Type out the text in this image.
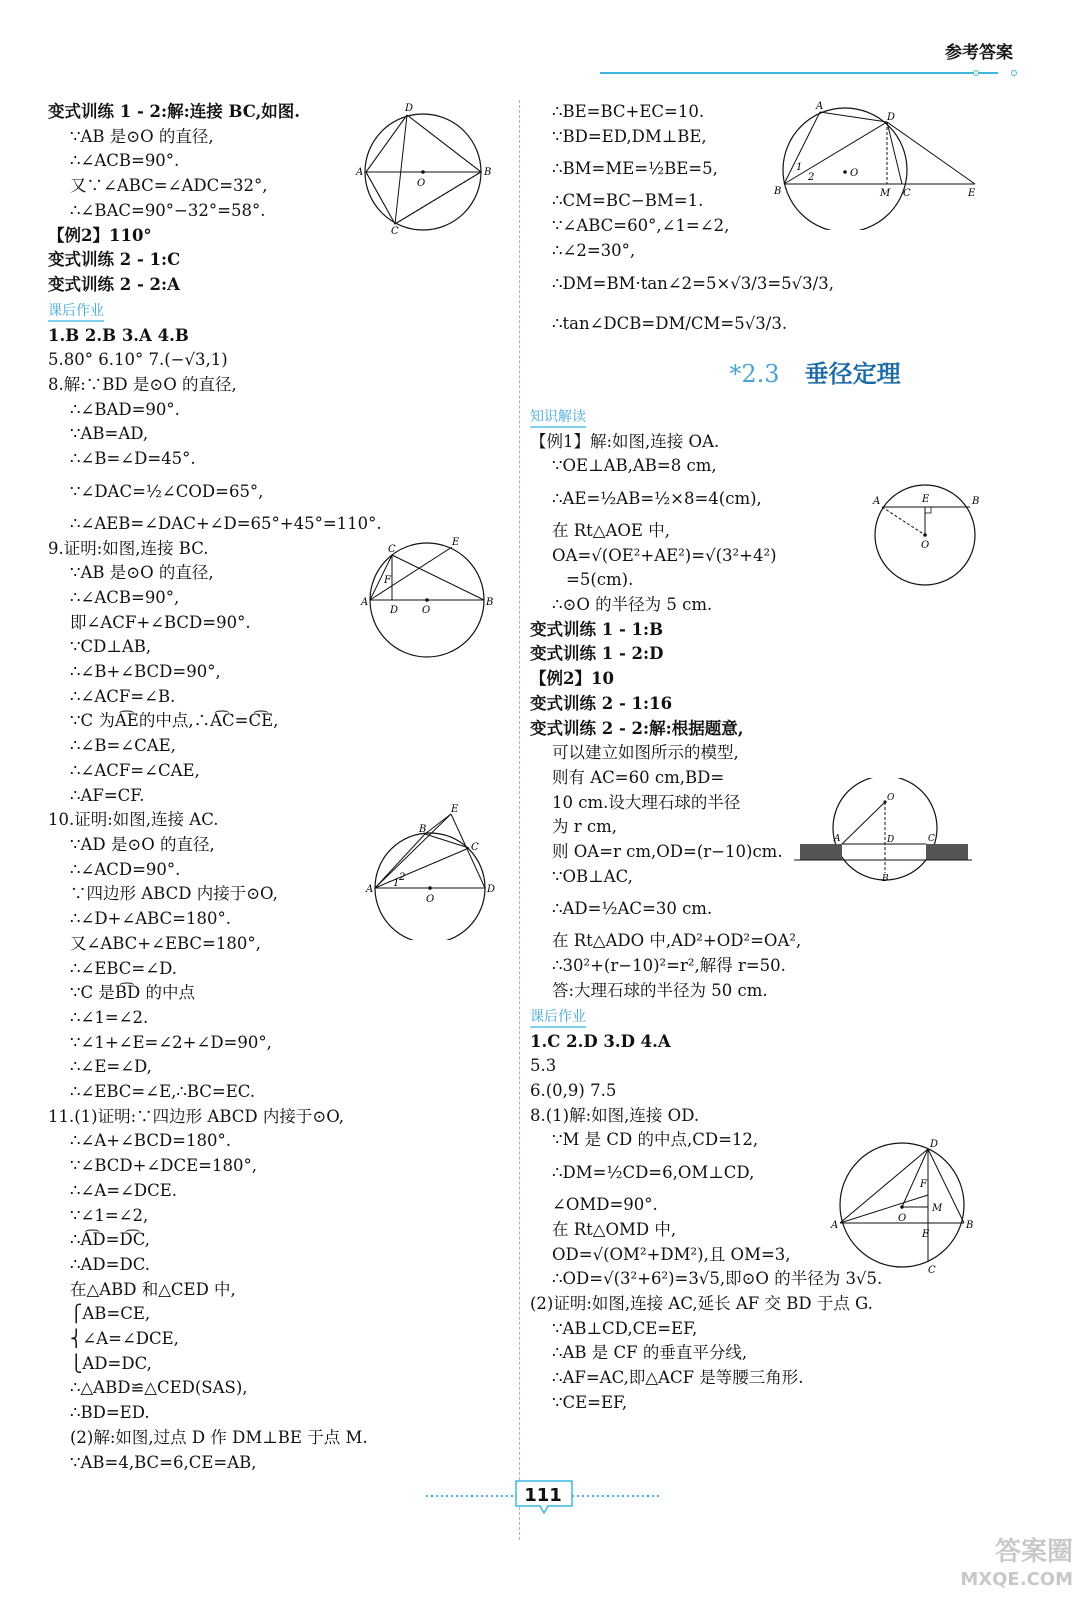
参考答案
变式训练 1 - 2:解:连接 BC,如图.
∵AB 是⊙O 的直径,
∴∠ACB=90°.
又∵∠ABC=∠ADC=32°,
∴∠BAC=90°−32°=58°.
【例2】110°
变式训练 2 - 1:C
变式训练 2 - 2:A
课后作业
1.B 2.B 3.A 4.B
5.80° 6.10° 7.(−√3,1)
8.解:∵BD 是⊙O 的直径,
∴∠BAD=90°.
∵AB=AD,
∴∠B=∠D=45°.
∵∠DAC=½∠COD=65°,
∴∠AEB=∠DAC+∠D=65°+45°=110°.
9.证明:如图,连接 BC.
∵AB 是⊙O 的直径,
∴∠ACB=90°,
即∠ACF+∠BCD=90°.
∵CD⊥AB,
∴∠B+∠BCD=90°,
∴∠ACF=∠B.
∵C 为A͡E的中点,∴A͡C=C͡E,
∴∠B=∠CAE,
∴∠ACF=∠CAE,
∴AF=CF.
10.证明:如图,连接 AC.
∵AD 是⊙O 的直径,
∴∠ACD=90°.
∵四边形 ABCD 内接于⊙O,
∴∠D+∠ABC=180°.
又∠ABC+∠EBC=180°,
∴∠EBC=∠D.
∵C 是B͡D 的中点
∴∠1=∠2.
∵∠1+∠E=∠2+∠D=90°,
∴∠E=∠D,
∴∠EBC=∠E,∴BC=EC.
11.(1)证明:∵四边形 ABCD 内接于⊙O,
∴∠A+∠BCD=180°.
∵∠BCD+∠DCE=180°,
∴∠A=∠DCE.
∵∠1=∠2,
∴A͡D=D͡C,
∴AD=DC.
在△ABD 和△CED 中,
⎧AB=CE,
⎨∠A=∠DCE,
⎩AD=DC,
∴△ABD≌△CED(SAS),
∴BD=ED.
(2)解:如图,过点 D 作 DM⊥BE 于点 M.
∵AB=4,BC=6,CE=AB,
∴BE=BC+EC=10.
∵BD=ED,DM⊥BE,
∴BM=ME=½BE=5,
∴CM=BC−BM=1.
∵∠ABC=60°,∠1=∠2,
∴∠2=30°,
∴DM=BM·tan∠2=5×√3/3=5√3/3,
∴tan∠DCB=DM/CM=5√3/3.
*2.3 垂径定理
知识解读
【例1】解:如图,连接 OA.
∵OE⊥AB,AB=8 cm,
∴AE=½AB=½×8=4(cm),
在 Rt△AOE 中,
OA=√(OE²+AE²)=√(3²+4²)
=5(cm).
∴⊙O 的半径为 5 cm.
变式训练 1 - 1:B
变式训练 1 - 2:D
【例2】10
变式训练 2 - 1:16
变式训练 2 - 2:解:根据题意,
可以建立如图所示的模型,
则有 AC=60 cm,BD=
10 cm.设大理石球的半径
为 r cm,
则 OA=r cm,OD=(r−10)cm.
∵OB⊥AC,
∴AD=½AC=30 cm.
在 Rt△ADO 中,AD²+OD²=OA²,
∴30²+(r−10)²=r²,解得 r=50.
答:大理石球的半径为 50 cm.
课后作业
1.C 2.D 3.D 4.A
5.3
6.(0,9) 7.5
8.(1)解:如图,连接 OD.
∵M 是 CD 的中点,CD=12,
∴DM=½CD=6,OM⊥CD,
∠OMD=90°.
在 Rt△OMD 中,
OD=√(OM²+DM²),且 OM=3,
∴OD=√(3²+6²)=3√5,即⊙O 的半径为 3√5.
(2)证明:如图,连接 AC,延长 AF 交 BD 于点 G.
∵AB⊥CD,CE=EF,
∴AB 是 CF 的垂直平分线,
∴AF=AC,即△ACF 是等腰三角形.
∵CE=EF,
D
A
O
B
C
A
D
1
2	O
B	M C	E
C
E
F
A
D O
B
E
B
C
A
1
2
O
D
A	E	B
O
O
A	D	C
B
D
F
M
A
O
E
B
C
111
答案圈
MXQE.COM
